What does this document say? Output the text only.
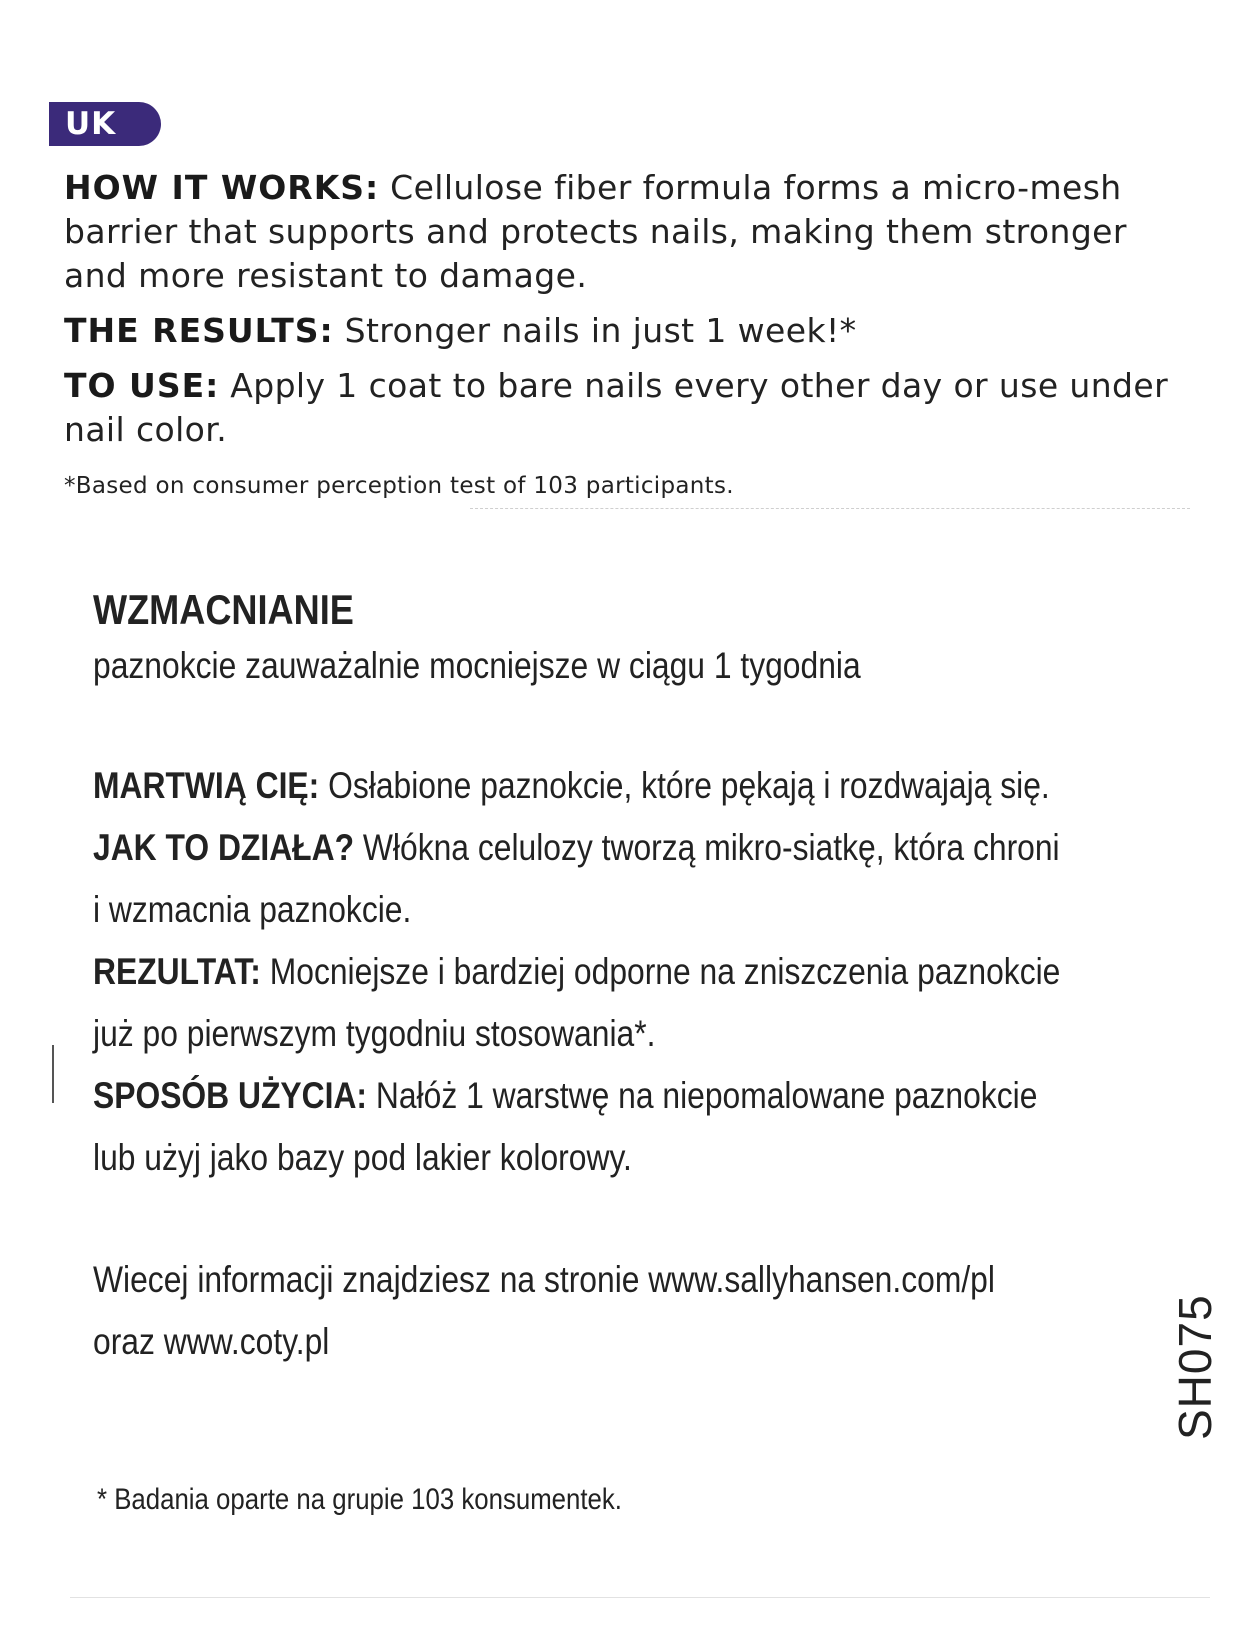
UK

HOW IT WORKS: Cellulose fiber formula forms a micro-mesh barrier that supports and protects nails, making them stronger and more resistant to damage.

THE RESULTS: Stronger nails in just 1 week!*

TO USE: Apply 1 coat to bare nails every other day or use under nail color.

*Based on consumer perception test of 103 participants.

WZMACNIANIE

paznokcie zauważalnie mocniejsze w ciągu 1 tygodnia

MARTWIĄ CIĘ: Osłabione paznokcie, które pękają i rozdwajają się.

JAK TO DZIAŁA? Włókna celulozy tworzą mikro-siatkę, która chroni

i wzmacnia paznokcie.

REZULTAT: Mocniejsze i bardziej odporne na zniszczenia paznokcie

już po pierwszym tygodniu stosowania*.

SPOSÓB UŻYCIA: Nałóż 1 warstwę na niepomalowane paznokcie

lub użyj jako bazy pod lakier kolorowy.

Wiecej informacji znajdziesz na stronie www.sallyhansen.com/pl

oraz www.coty.pl

* Badania oparte na grupie 103 konsumentek.
SH075
